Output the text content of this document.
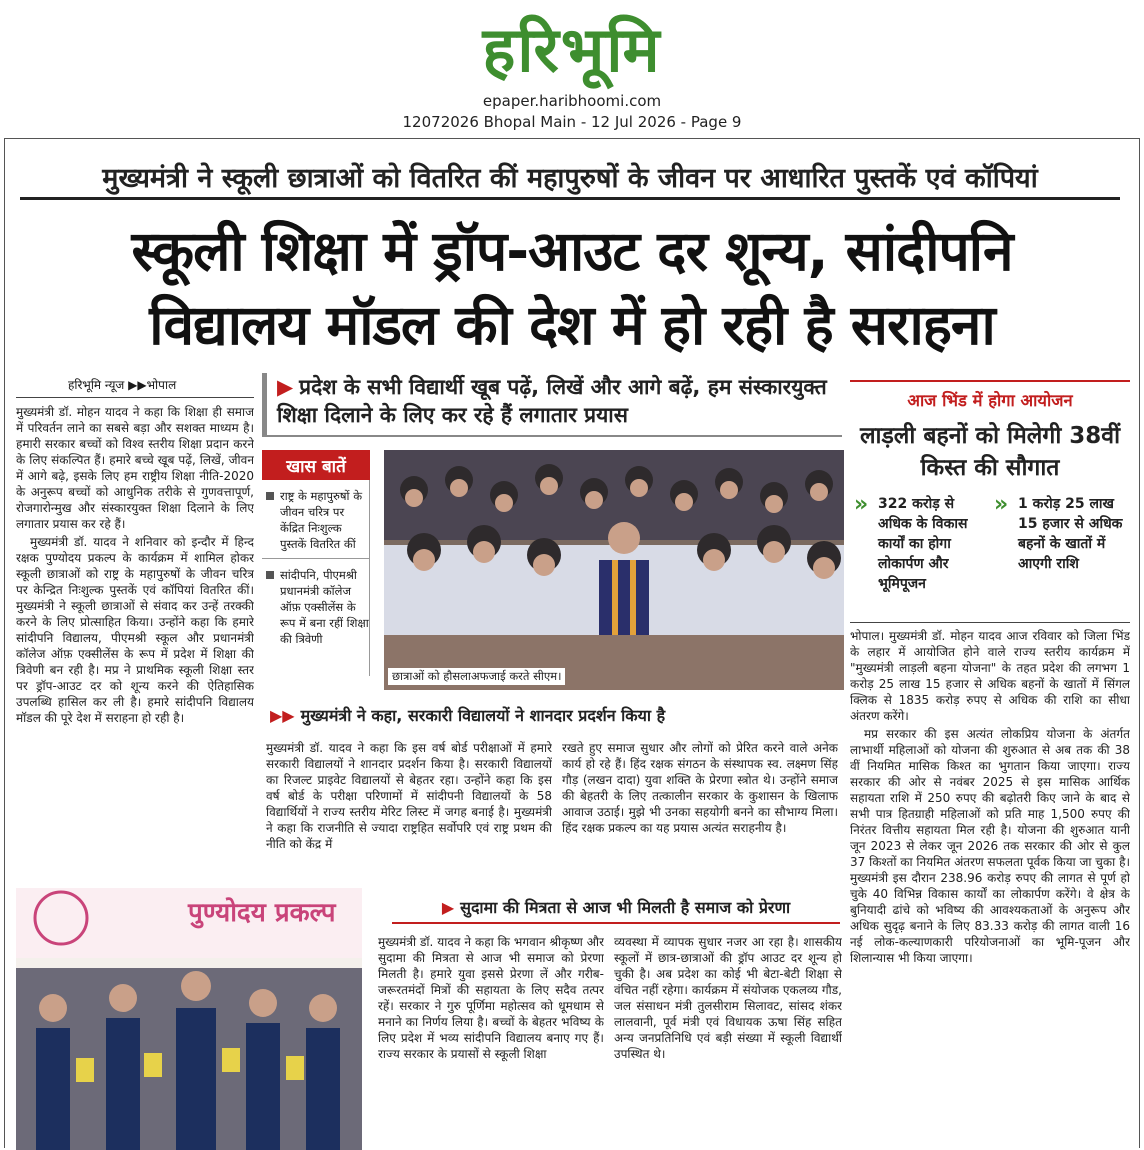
हरिभूमि
epaper.haribhoomi.com
12072026 Bhopal Main - 12 Jul 2026 - Page 9
मुख्यमंत्री ने स्कूली छात्राओं को वितरित कीं महापुरुषों के जीवन पर आधारित पुस्तकें एवं कॉपियां
स्कूली शिक्षा में ड्रॉप-आउट दर शून्य, सांदीपनि
विद्यालय मॉडल की देश में हो रही है सराहना
हरिभूमि न्यूज ▶▶भोपाल

मुख्यमंत्री डॉ. मोहन यादव ने कहा कि शिक्षा ही समाज में परिवर्तन लाने का सबसे बड़ा और सशक्त माध्यम है। हमारी सरकार बच्चों को विश्व स्तरीय शिक्षा प्रदान करने के लिए संकल्पित हैं। हमारे बच्चे खूब पढ़ें, लिखें, जीवन में आगे बढ़े, इसके लिए हम राष्ट्रीय शिक्षा नीति-2020 के अनुरूप बच्चों को आधुनिक तरीके से गुणवत्तापूर्ण, रोजगारोन्मुख और संस्कारयुक्त शिक्षा दिलाने के लिए लगातार प्रयास कर रहे हैं।

मुख्यमंत्री डॉ. यादव ने शनिवार को इन्दौर में हिन्द रक्षक पुण्योदय प्रकल्प के कार्यक्रम में शामिल होकर स्कूली छात्राओं को राष्ट्र के महापुरुषों के जीवन चरित्र पर केन्द्रित निःशुल्क पुस्तकें एवं कॉपियां वितरित कीं। मुख्यमंत्री ने स्कूली छात्राओं से संवाद कर उन्हें तरक्की करने के लिए प्रोत्साहित किया। उन्होंने कहा कि हमारे सांदीपनि विद्यालय, पीएमश्री स्कूल और प्रधानमंत्री कॉलेज ऑफ़ एक्सीलेंस के रूप में प्रदेश में शिक्षा की त्रिवेणी बन रही है। मप्र ने प्राथमिक स्कूली शिक्षा स्तर पर ड्रॉप-आउट दर को शून्य करने की ऐतिहासिक उपलब्धि हासिल कर ली है। हमारे सांदीपनि विद्यालय मॉडल की पूरे देश में सराहना हो रही है।

▶ प्रदेश के सभी विद्यार्थी खूब पढ़ें, लिखें और आगे बढ़ें, हम संस्कारयुक्त शिक्षा दिलाने के लिए कर रहे हैं लगातार प्रयास
खास बातें
राष्ट्र के महापुरुषों के जीवन चरित्र पर केंद्रित निःशुल्क पुस्तकें वितरित कीं
सांदीपनि, पीएमश्री प्रधानमंत्री कॉलेज ऑफ़ एक्सीलेंस के रूप में बना रहीं शिक्षा की त्रिवेणी
छात्राओं को हौसलाअफजाई करते सीएम।
▶▶ मुख्यमंत्री ने कहा, सरकारी विद्यालयों ने शानदार प्रदर्शन किया है
मुख्यमंत्री डॉ. यादव ने कहा कि इस वर्ष बोर्ड परीक्षाओं में हमारे सरकारी विद्यालयों ने शानदार प्रदर्शन किया है। सरकारी विद्यालयों का रिजल्ट प्राइवेट विद्यालयों से बेहतर रहा। उन्होंने कहा कि इस वर्ष बोर्ड के परीक्षा परिणामों में सांदीपनी विद्यालयों के 58 विद्यार्थियों ने राज्य स्तरीय मेरिट लिस्ट में जगह बनाई है। मुख्यमंत्री ने कहा कि राजनीति से ज्यादा राष्ट्रहित सर्वोपरि एवं राष्ट्र प्रथम की नीति को केंद्र में
रखते हुए समाज सुधार और लोगों को प्रेरित करने वाले अनेक कार्य हो रहे हैं। हिंद रक्षक संगठन के संस्थापक स्व. लक्ष्मण सिंह गौड़ (लखन दादा) युवा शक्ति के प्रेरणा स्त्रोत थे। उन्होंने समाज की बेहतरी के लिए तत्कालीन सरकार के कुशासन के खिलाफ आवाज उठाई। मुझे भी उनका सहयोगी बनने का सौभाग्य मिला। हिंद रक्षक प्रकल्प का यह प्रयास अत्यंत सराहनीय है।
पुण्योदय प्रकल्प	▶ सुदामा की मित्रता से आज भी मिलती है समाज को प्रेरणा
मुख्यमंत्री डॉ. यादव ने कहा कि भगवान श्रीकृष्ण और सुदामा की मित्रता से आज भी समाज को प्रेरणा मिलती है। हमारे युवा इससे प्रेरणा लें और गरीब-जरूरतमंदों मित्रों की सहायता के लिए सदैव तत्पर रहें। सरकार ने गुरु पूर्णिमा महोत्सव को धूमधाम से मनाने का निर्णय लिया है। बच्चों के बेहतर भविष्य के लिए प्रदेश में भव्य सांदीपनि विद्यालय बनाए गए हैं। राज्य सरकार के प्रयासों से स्कूली शिक्षा
व्यवस्था में व्यापक सुधार नजर आ रहा है। शासकीय स्कूलों में छात्र-छात्राओं की ड्रॉप आउट दर शून्य हो चुकी है। अब प्रदेश का कोई भी बेटा-बेटी शिक्षा से वंचित नहीं रहेगा। कार्यक्रम में संयोजक एकलव्य गौड, जल संसाधन मंत्री तुलसीराम सिलावट, सांसद शंकर लालवानी, पूर्व मंत्री एवं विधायक ऊषा सिंह सहित अन्य जनप्रतिनिधि एवं बड़ी संख्या में स्कूली विद्यार्थी उपस्थित थे।
आज भिंड में होगा आयोजन
लाड़ली बहनों को मिलेगी 38वीं किस्त की सौगात
» 322 करोड़ से अधिक के विकास कार्यों का होगा लोकार्पण और भूमिपूजन
» 1 करोड़ 25 लाख 15 हजार से अधिक बहनों के खातों में आएगी राशि

भोपाल। मुख्यमंत्री डॉ. मोहन यादव आज रविवार को जिला भिंड के लहार में आयोजित होने वाले राज्य स्तरीय कार्यक्रम में "मुख्यमंत्री लाड़ली बहना योजना" के तहत प्रदेश की लगभग 1 करोड़ 25 लाख 15 हजार से अधिक बहनों के खातों में सिंगल क्लिक से 1835 करोड़ रुपए से अधिक की राशि का सीधा अंतरण करेंगे।

मप्र सरकार की इस अत्यंत लोकप्रिय योजना के अंतर्गत लाभार्थी महिलाओं को योजना की शुरुआत से अब तक की 38 वीं नियमित मासिक किश्त का भुगतान किया जाएगा। राज्य सरकार की ओर से नवंबर 2025 से इस मासिक आर्थिक सहायता राशि में 250 रुपए की बढ़ोतरी किए जाने के बाद से सभी पात्र हितग्राही महिलाओं को प्रति माह 1,500 रुपए की निरंतर वित्तीय सहायता मिल रही है। योजना की शुरुआत यानी जून 2023 से लेकर जून 2026 तक सरकार की ओर से कुल 37 किश्तों का नियमित अंतरण सफलता पूर्वक किया जा चुका है। मुख्यमंत्री इस दौरान 238.96 करोड़ रुपए की लागत से पूर्ण हो चुके 40 विभिन्न विकास कार्यों का लोकार्पण करेंगे। वे क्षेत्र के बुनियादी ढांचे को भविष्य की आवश्यकताओं के अनुरूप और अधिक सुदृढ़ बनाने के लिए 83.33 करोड़ की लागत वाली 16 नई लोक-कल्याणकारी परियोजनाओं का भूमि-पूजन और शिलान्यास भी किया जाएगा।
